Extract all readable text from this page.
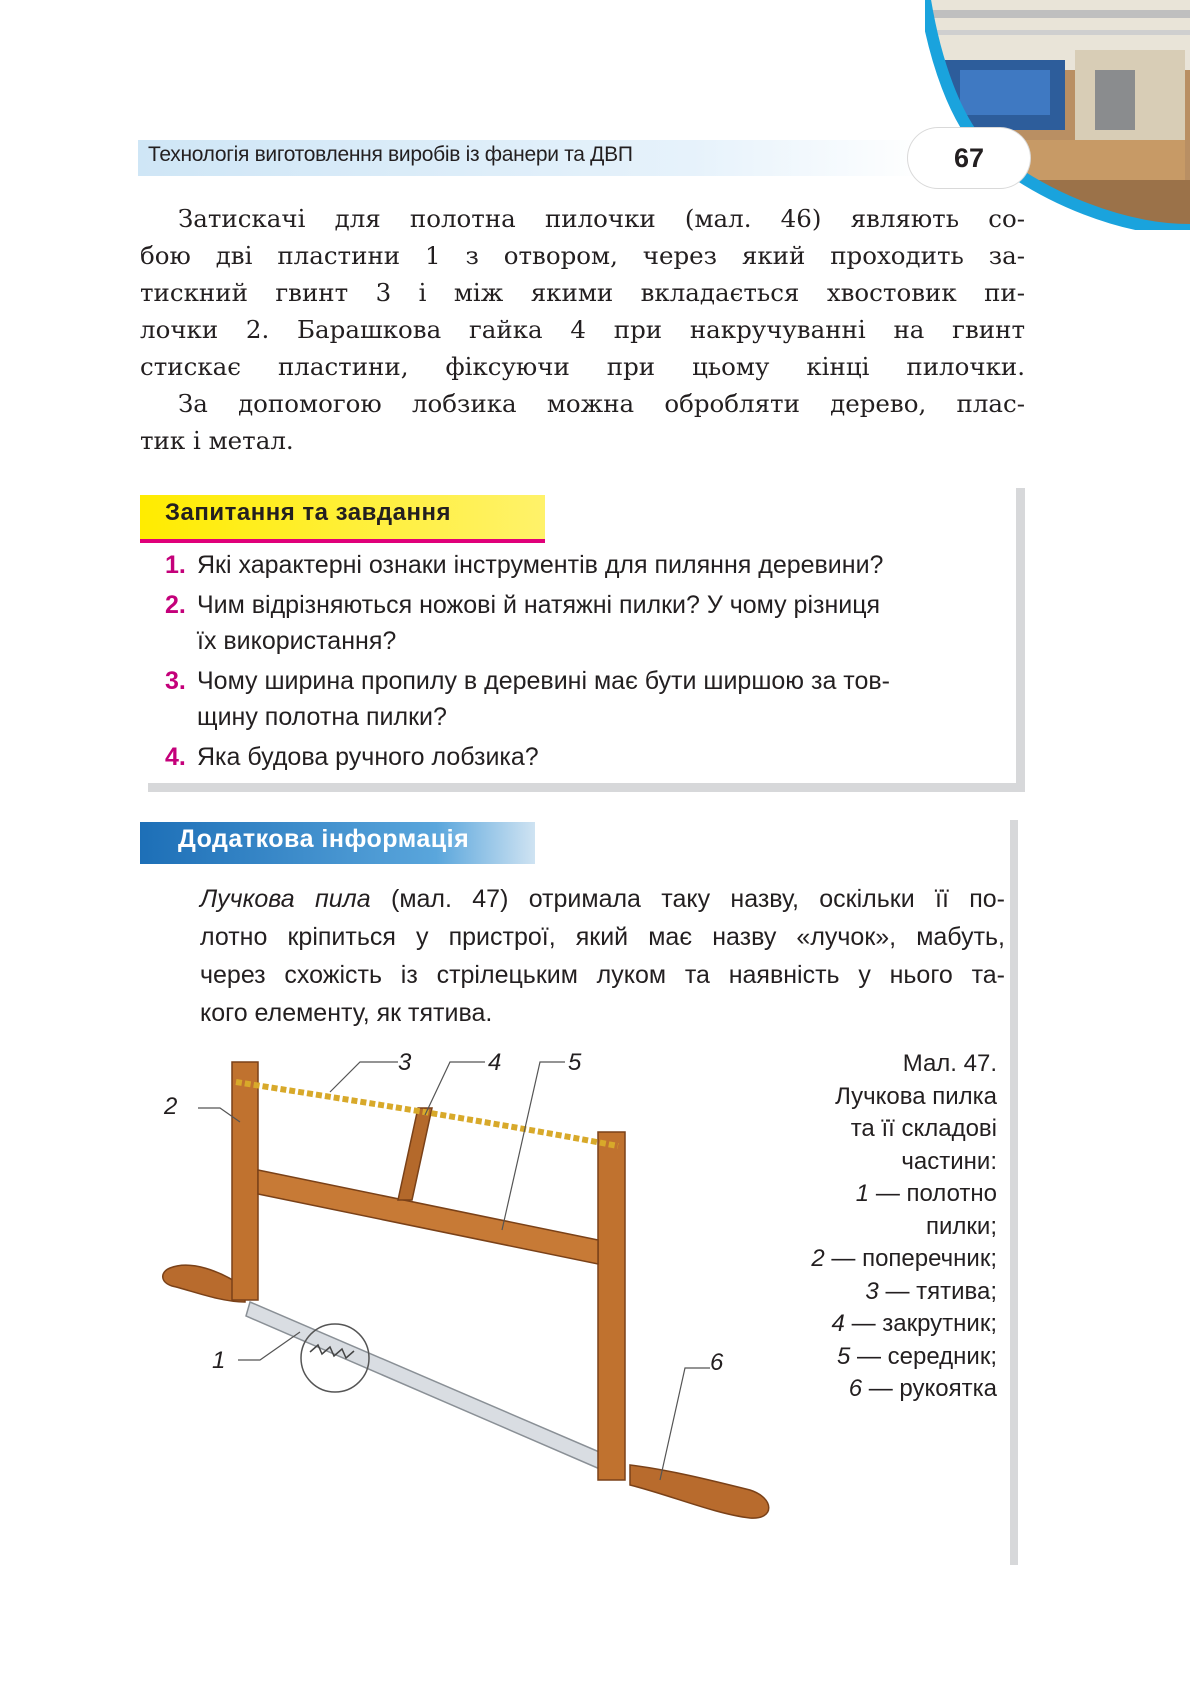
Технологія виготовлення виробів із фанери та ДВП	67
Затискачі для полотна пилочки (мал. 46) являють со-
бою дві пластини 1 з отвором, через який проходить за-
тискний гвинт 3 і між якими вкладається хвостовик пи-
лочки 2. Барашкова гайка 4 при накручуванні на гвинт
стискає пластини, фіксуючи при цьому кінці пилочки.
За допомогою лобзика можна обробляти дерево, плас-
тик і метал.
Запитання та завдання
1. Які характерні ознаки інструментів для пиляння деревини?
2. Чим відрізняються ножові й натяжні пилки? У чому різниця
їх використання?
3. Чому ширина пропилу в деревині має бути ширшою за тов-
щину полотна пилки?
4. Яка будова ручного лобзика?
Додаткова інформація
Лучкова пила (мал. 47) отримала таку назву, оскільки її по-
лотно кріпиться у пристрої, який має назву «лучок», мабуть,
через схожість із стрілецьким луком та наявність у нього та-
кого елементу, як тятива.
3	4	5
2
1	6
Мал. 47.
Лучкова пилка
та її складові
частини:
1 — полотно
пилки;
2 — поперечник;
3 — тятива;
4 — закрутник;
5 — середник;
6 — рукоятка
